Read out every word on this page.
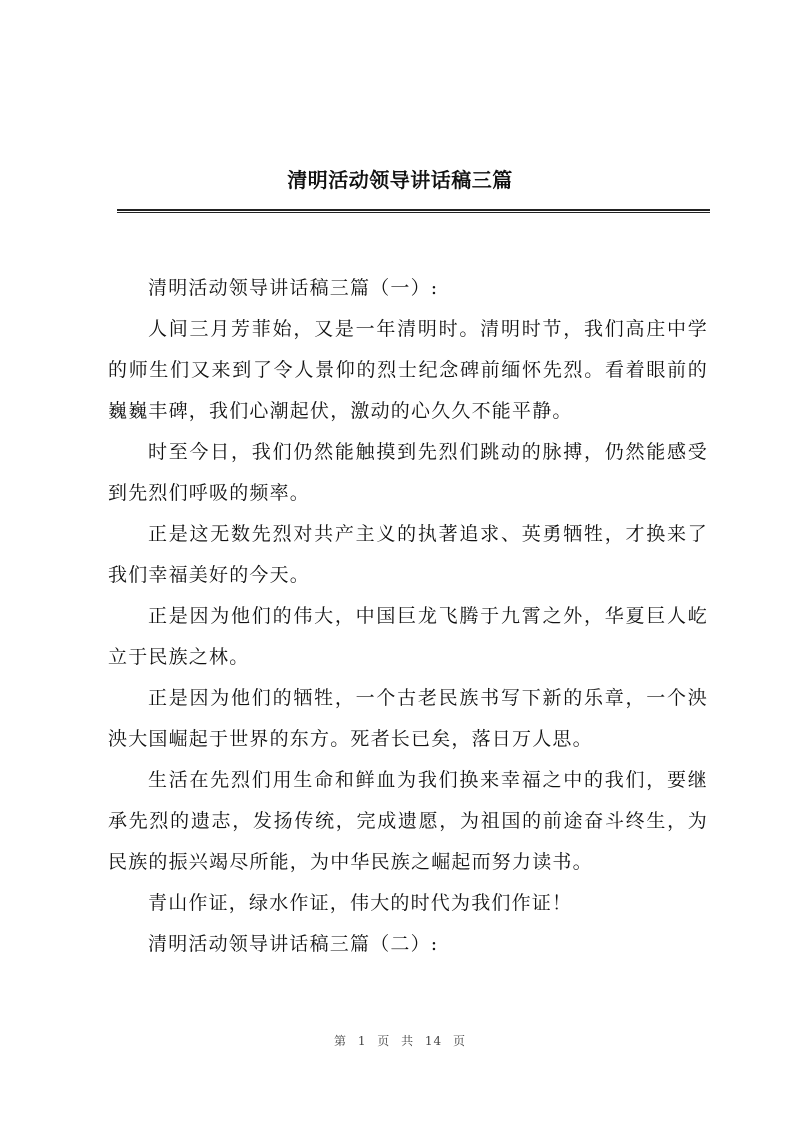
清明活动领导讲话稿三篇

清明活动领导讲话稿三篇（一）:

人间三月芳菲始，又是一年清明时。清明时节，我们高庄中学的师生们又来到了令人景仰的烈士纪念碑前缅怀先烈。看着眼前的巍巍丰碑，我们心潮起伏，激动的心久久不能平静。

时至今日，我们仍然能触摸到先烈们跳动的脉搏，仍然能感受到先烈们呼吸的频率。

正是这无数先烈对共产主义的执著追求、英勇牺牲，才换来了我们幸福美好的今天。

正是因为他们的伟大，中国巨龙飞腾于九霄之外，华夏巨人屹立于民族之林。

正是因为他们的牺牲，一个古老民族书写下新的乐章，一个泱泱大国崛起于世界的东方。死者长已矣，落日万人思。

生活在先烈们用生命和鲜血为我们换来幸福之中的我们，要继承先烈的遗志，发扬传统，完成遗愿，为祖国的前途奋斗终生，为民族的振兴竭尽所能，为中华民族之崛起而努力读书。

青山作证，绿水作证，伟大的时代为我们作证！

清明活动领导讲话稿三篇（二）:

第 1 页 共 14 页
